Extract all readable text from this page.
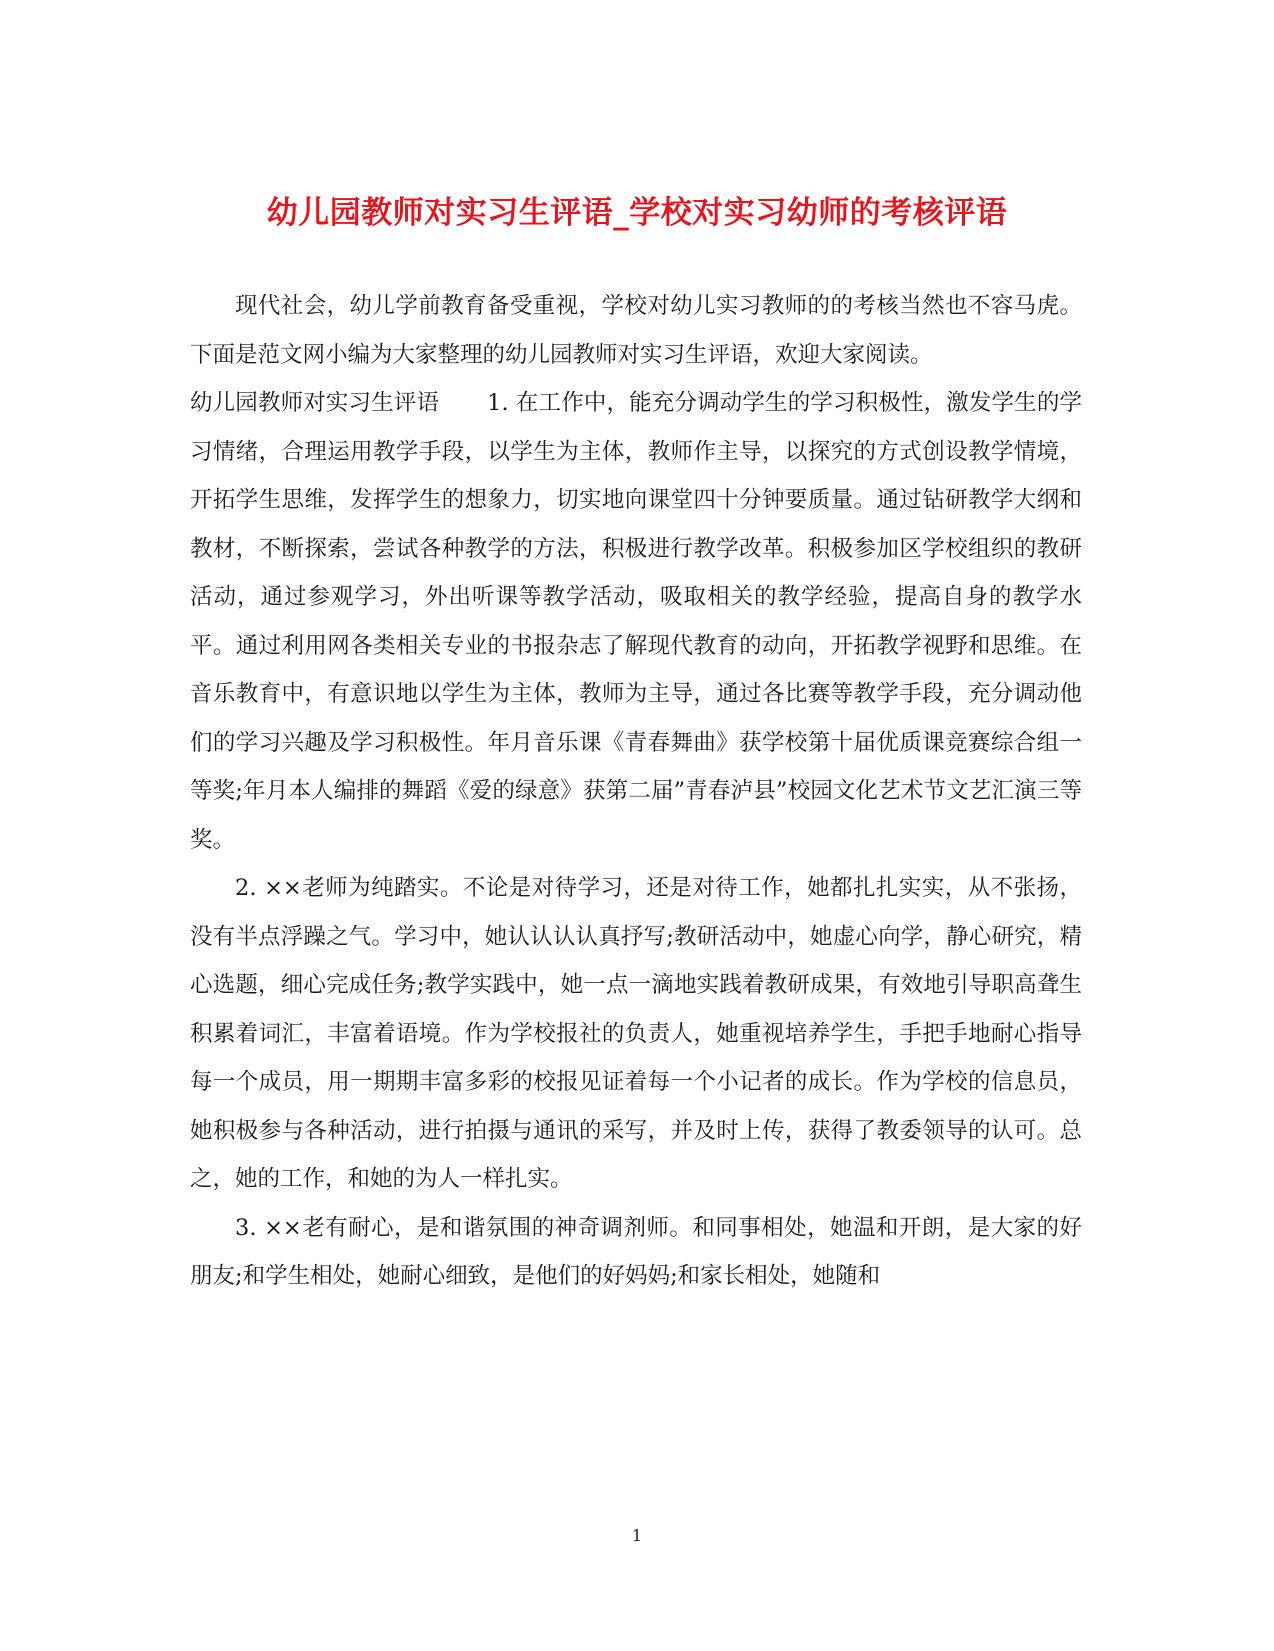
幼儿园教师对实习生评语_学校对实习幼师的考核评语

现代社会，幼儿学前教育备受重视，学校对幼儿实习教师的的考核当然也不容马虎。下面是范文网小编为大家整理的幼儿园教师对实习生评语，欢迎大家阅读。

幼儿园教师对实习生评语 1. 在工作中，能充分调动学生的学习积极性，激发学生的学习情绪，合理运用教学手段，以学生为主体，教师作主导，以探究的方式创设教学情境，开拓学生思维，发挥学生的想象力，切实地向课堂四十分钟要质量。通过钻研教学大纲和教材，不断探索，尝试各种教学的方法，积极进行教学改革。积极参加区学校组织的教研活动，通过参观学习，外出听课等教学活动，吸取相关的教学经验，提高自身的教学水平。通过利用网各类相关专业的书报杂志了解现代教育的动向，开拓教学视野和思维。在音乐教育中，有意识地以学生为主体，教师为主导，通过各比赛等教学手段，充分调动他们的学习兴趣及学习积极性。年月音乐课《青春舞曲》获学校第十届优质课竞赛综合组一等奖;年月本人编排的舞蹈《爱的绿意》获第二届”青春泸县”校园文化艺术节文艺汇演三等奖。

2. ××老师为纯踏实。不论是对待学习，还是对待工作，她都扎扎实实，从不张扬，没有半点浮躁之气。学习中，她认认认认真抒写;教研活动中，她虚心向学，静心研究，精心选题，细心完成任务;教学实践中，她一点一滴地实践着教研成果，有效地引导职高聋生积累着词汇，丰富着语境。作为学校报社的负责人，她重视培养学生，手把手地耐心指导每一个成员，用一期期丰富多彩的校报见证着每一个小记者的成长。作为学校的信息员，她积极参与各种活动，进行拍摄与通讯的采写，并及时上传，获得了教委领导的认可。总之，她的工作，和她的为人一样扎实。

3. ××老有耐心，是和谐氛围的神奇调剂师。和同事相处，她温和开朗，是大家的好朋友;和学生相处，她耐心细致，是他们的好妈妈;和家长相处，她随和

1
